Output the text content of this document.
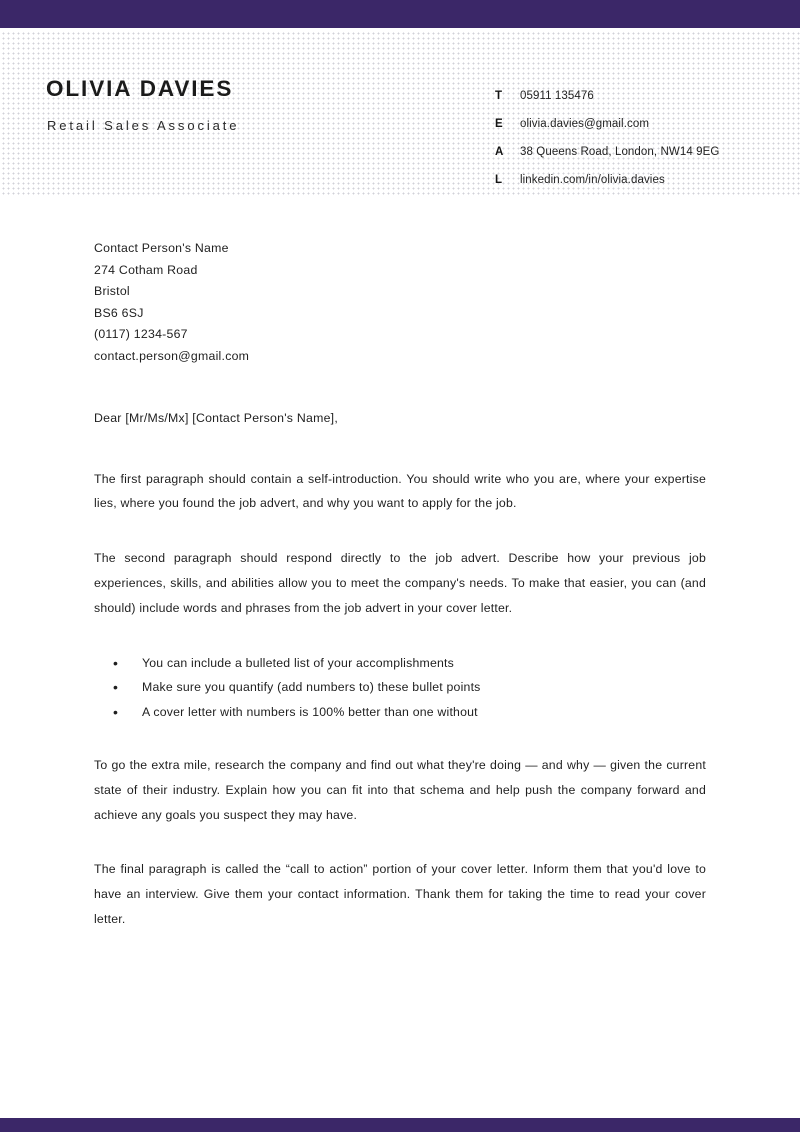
OLIVIA DAVIES
Retail Sales Associate
T	05911 135476
E	olivia.davies@gmail.com
A	38 Queens Road, London, NW14 9EG
L	linkedin.com/in/olivia.davies
Contact Person's Name
274 Cotham Road
Bristol
BS6 6SJ
(0117) 1234-567
contact.person@gmail.com
Dear [Mr/Ms/Mx] [Contact Person's Name],

The first paragraph should contain a self-introduction. You should write who you are, where your expertise lies, where you found the job advert, and why you want to apply for the job.

The second paragraph should respond directly to the job advert. Describe how your previous job experiences, skills, and abilities allow you to meet the company's needs. To make that easier, you can (and should) include words and phrases from the job advert in your cover letter.

• You can include a bulleted list of your accomplishments
• Make sure you quantify (add numbers to) these bullet points
• A cover letter with numbers is 100% better than one without

To go the extra mile, research the company and find out what they're doing — and why — given the current state of their industry. Explain how you can fit into that schema and help push the company forward and achieve any goals you suspect they may have.

The final paragraph is called the “call to action” portion of your cover letter. Inform them that you'd love to have an interview. Give them your contact information. Thank them for taking the time to read your cover letter.
